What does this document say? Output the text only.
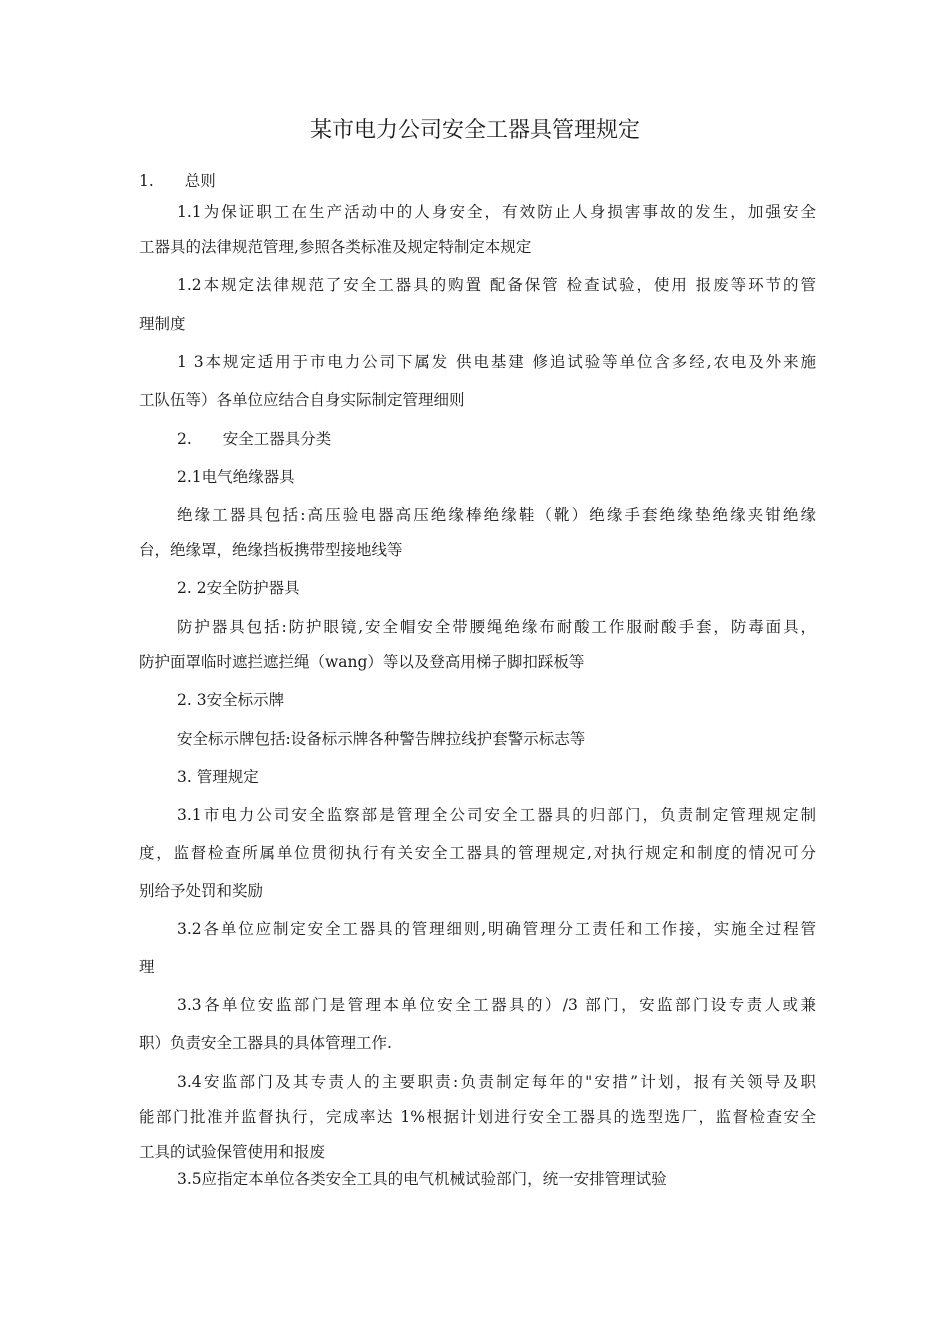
某市电力公司安全工器具管理规定
1.　　总则
1.1为保证职工在生产活动中的人身安全，有效防止人身损害事故的发生，加强安全
工器具的法律规范管理,参照各类标准及规定特制定本规定
1.2本规定法律规范了安全工器具的购置 配备保管 检查试验，使用 报废等环节的管
理制度
1 3本规定适用于市电力公司下属发 供电基建 修追试验等单位含多经,农电及外来施
工队伍等）各单位应结合自身实际制定管理细则
2.　　安全工器具分类
2.1电气绝缘器具
绝缘工器具包括:高压验电器高压绝缘棒绝缘鞋（靴）绝缘手套绝缘垫绝缘夹钳绝缘
台，绝缘罩，绝缘挡板携带型接地线等
2. 2安全防护器具
防护器具包括:防护眼镜,安全帽安全带腰绳绝缘布耐酸工作服耐酸手套，防毒面具，
防护面罩临时遮拦遮拦绳（wang）等以及登高用梯子脚扣踩板等
2. 3安全标示牌
安全标示牌包括:设备标示牌各种警告牌拉线护套警示标志等
3. 管理规定
3.1市电力公司安全监察部是管理全公司安全工器具的归部门，负责制定管理规定制
度，监督检查所属单位贯彻执行有关安全工器具的管理规定,对执行规定和制度的情况可分
别给予处罚和奖励
3.2各单位应制定安全工器具的管理细则,明确管理分工责任和工作接，实施全过程管
理
3.3各单位安监部门是管理本单位安全工器具的）/3 部门，安监部门设专责人或兼
职）负责安全工器具的具体管理工作.
3.4安监部门及其专责人的主要职责:负责制定每年的"安措”计划，报有关领导及职
能部门批准并监督执行，完成率达 1%根据计划进行安全工器具的选型选厂，监督检查安全
工具的试验保管使用和报废
3.5应指定本单位各类安全工具的电气机械试验部门，统一安排管理试验
